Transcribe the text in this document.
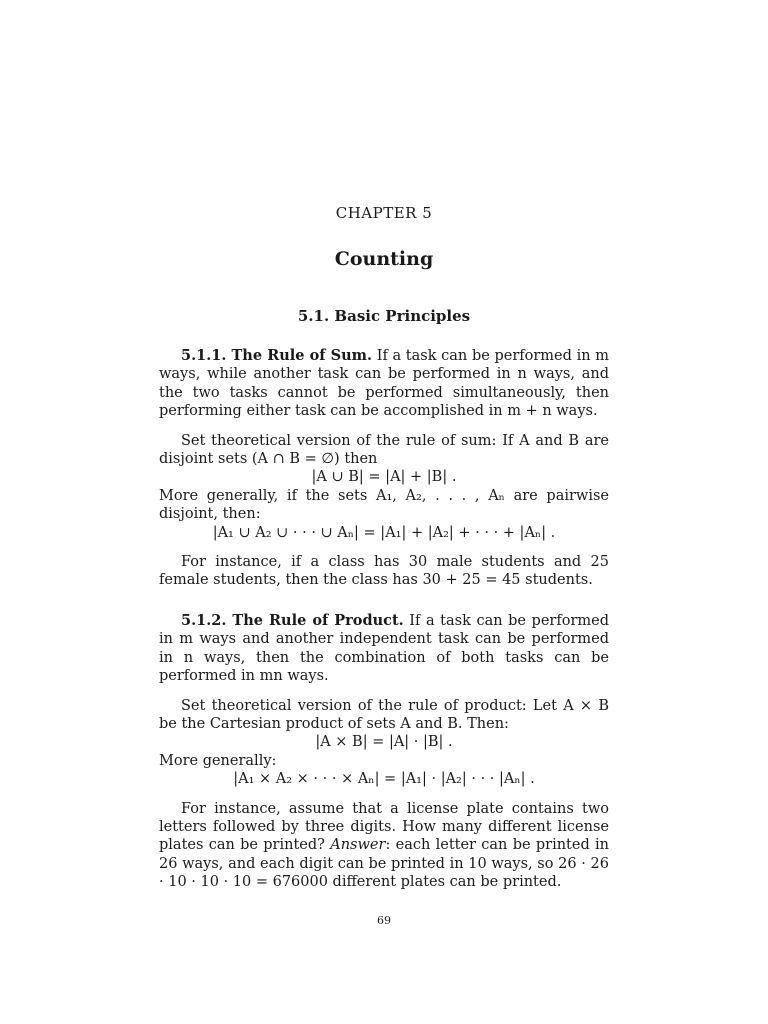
CHAPTER 5
Counting
5.1. Basic Principles

5.1.1. The Rule of Sum. If a task can be performed in m ways, while another task can be performed in n ways, and the two tasks cannot be performed simultaneously, then performing either task can be accomplished in m + n ways.

Set theoretical version of the rule of sum: If A and B are disjoint sets (A ∩ B = ∅) then

|A ∪ B| = |A| + |B| .

More generally, if the sets A₁, A₂, . . . , Aₙ are pairwise disjoint, then:

|A₁ ∪ A₂ ∪ · · · ∪ Aₙ| = |A₁| + |A₂| + · · · + |Aₙ| .

For instance, if a class has 30 male students and 25 female students, then the class has 30 + 25 = 45 students.

5.1.2. The Rule of Product. If a task can be performed in m ways and another independent task can be performed in n ways, then the combination of both tasks can be performed in mn ways.

Set theoretical version of the rule of product: Let A × B be the Cartesian product of sets A and B. Then:

|A × B| = |A| · |B| .

More generally:

|A₁ × A₂ × · · · × Aₙ| = |A₁| · |A₂| · · · |Aₙ| .

For instance, assume that a license plate contains two letters followed by three digits. How many different license plates can be printed? Answer: each letter can be printed in 26 ways, and each digit can be printed in 10 ways, so 26 · 26 · 10 · 10 · 10 = 676000 different plates can be printed.

69
